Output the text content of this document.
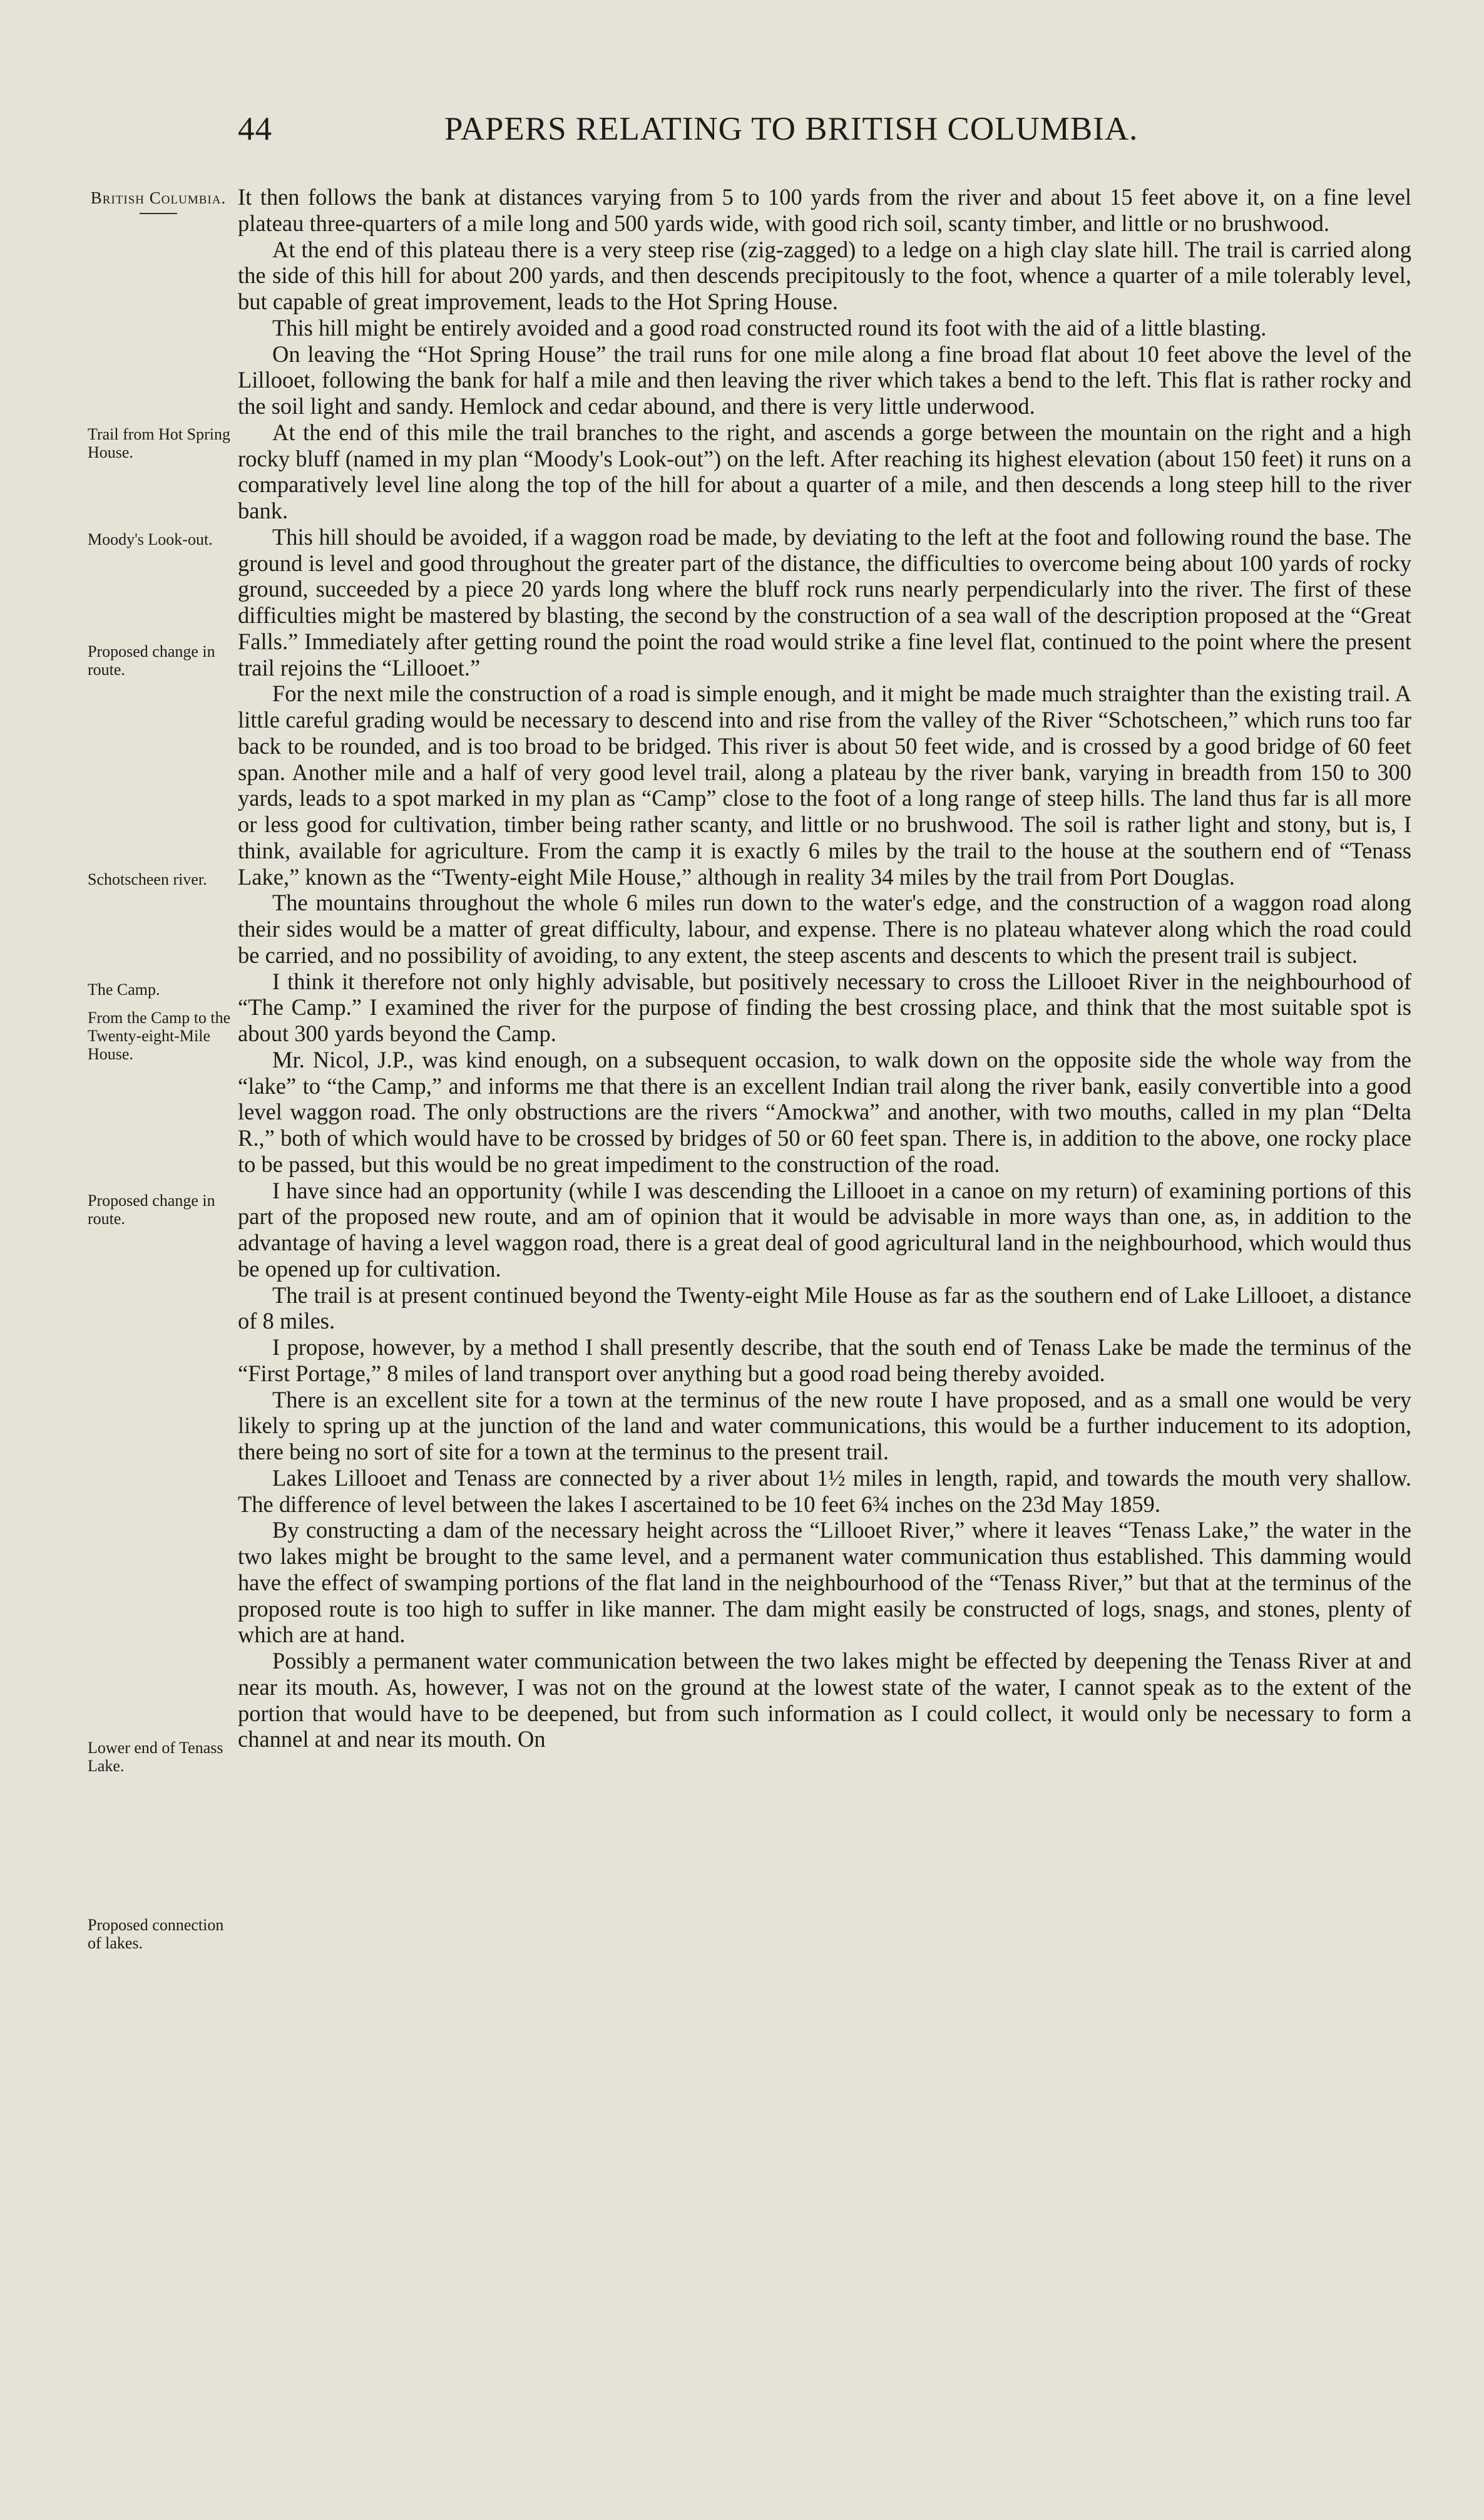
44	PAPERS RELATING TO BRITISH COLUMBIA.
British Columbia.
Trail from Hot Spring House.
Moody's Look-out.
Proposed change in route.
Schotscheen river.
The Camp.
From the Camp to the Twenty-eight-Mile House.
Proposed change in route.
Lower end of Tenass Lake.
Proposed connection of lakes.

It then follows the bank at distances varying from 5 to 100 yards from the river and about 15 feet above it, on a fine level plateau three-quarters of a mile long and 500 yards wide, with good rich soil, scanty timber, and little or no brushwood.

At the end of this plateau there is a very steep rise (zig-zagged) to a ledge on a high clay slate hill. The trail is carried along the side of this hill for about 200 yards, and then descends precipitously to the foot, whence a quarter of a mile tolerably level, but capable of great improvement, leads to the Hot Spring House.

This hill might be entirely avoided and a good road constructed round its foot with the aid of a little blasting.

On leaving the “Hot Spring House” the trail runs for one mile along a fine broad flat about 10 feet above the level of the Lillooet, following the bank for half a mile and then leaving the river which takes a bend to the left. This flat is rather rocky and the soil light and sandy. Hemlock and cedar abound, and there is very little underwood.

At the end of this mile the trail branches to the right, and ascends a gorge between the mountain on the right and a high rocky bluff (named in my plan “Moody's Look-out”) on the left. After reaching its highest elevation (about 150 feet) it runs on a comparatively level line along the top of the hill for about a quarter of a mile, and then descends a long steep hill to the river bank.

This hill should be avoided, if a waggon road be made, by deviating to the left at the foot and following round the base. The ground is level and good throughout the greater part of the distance, the difficulties to overcome being about 100 yards of rocky ground, succeeded by a piece 20 yards long where the bluff rock runs nearly perpendicularly into the river. The first of these difficulties might be mastered by blasting, the second by the construction of a sea wall of the description proposed at the “Great Falls.” Immediately after getting round the point the road would strike a fine level flat, continued to the point where the present trail rejoins the “Lillooet.”

For the next mile the construction of a road is simple enough, and it might be made much straighter than the existing trail. A little careful grading would be necessary to descend into and rise from the valley of the River “Schotscheen,” which runs too far back to be rounded, and is too broad to be bridged. This river is about 50 feet wide, and is crossed by a good bridge of 60 feet span. Another mile and a half of very good level trail, along a plateau by the river bank, varying in breadth from 150 to 300 yards, leads to a spot marked in my plan as “Camp” close to the foot of a long range of steep hills. The land thus far is all more or less good for cultivation, timber being rather scanty, and little or no brushwood. The soil is rather light and stony, but is, I think, available for agriculture. From the camp it is exactly 6 miles by the trail to the house at the southern end of “Tenass Lake,” known as the “Twenty-eight Mile House,” although in reality 34 miles by the trail from Port Douglas.

The mountains throughout the whole 6 miles run down to the water's edge, and the construction of a waggon road along their sides would be a matter of great difficulty, labour, and expense. There is no plateau whatever along which the road could be carried, and no possibility of avoiding, to any extent, the steep ascents and descents to which the present trail is subject.

I think it therefore not only highly advisable, but positively necessary to cross the Lillooet River in the neighbourhood of “The Camp.” I examined the river for the purpose of finding the best crossing place, and think that the most suitable spot is about 300 yards beyond the Camp.

Mr. Nicol, J.P., was kind enough, on a subsequent occasion, to walk down on the opposite side the whole way from the “lake” to “the Camp,” and informs me that there is an excellent Indian trail along the river bank, easily convertible into a good level waggon road. The only obstructions are the rivers “Amockwa” and another, with two mouths, called in my plan “Delta R.,” both of which would have to be crossed by bridges of 50 or 60 feet span. There is, in addition to the above, one rocky place to be passed, but this would be no great impediment to the construction of the road.

I have since had an opportunity (while I was descending the Lillooet in a canoe on my return) of examining portions of this part of the proposed new route, and am of opinion that it would be advisable in more ways than one, as, in addition to the advantage of having a level waggon road, there is a great deal of good agricultural land in the neighbourhood, which would thus be opened up for cultivation.

The trail is at present continued beyond the Twenty-eight Mile House as far as the southern end of Lake Lillooet, a distance of 8 miles.

I propose, however, by a method I shall presently describe, that the south end of Tenass Lake be made the terminus of the “First Portage,” 8 miles of land transport over anything but a good road being thereby avoided.

There is an excellent site for a town at the terminus of the new route I have proposed, and as a small one would be very likely to spring up at the junction of the land and water communications, this would be a further inducement to its adoption, there being no sort of site for a town at the terminus to the present trail.

Lakes Lillooet and Tenass are connected by a river about 1½ miles in length, rapid, and towards the mouth very shallow. The difference of level between the lakes I ascertained to be 10 feet 6¾ inches on the 23d May 1859.

By constructing a dam of the necessary height across the “Lillooet River,” where it leaves “Tenass Lake,” the water in the two lakes might be brought to the same level, and a permanent water communication thus established. This damming would have the effect of swamping portions of the flat land in the neighbourhood of the “Tenass River,” but that at the terminus of the proposed route is too high to suffer in like manner. The dam might easily be constructed of logs, snags, and stones, plenty of which are at hand.

Possibly a permanent water communication between the two lakes might be effected by deepening the Tenass River at and near its mouth. As, however, I was not on the ground at the lowest state of the water, I cannot speak as to the extent of the portion that would have to be deepened, but from such information as I could collect, it would only be necessary to form a channel at and near its mouth. On
